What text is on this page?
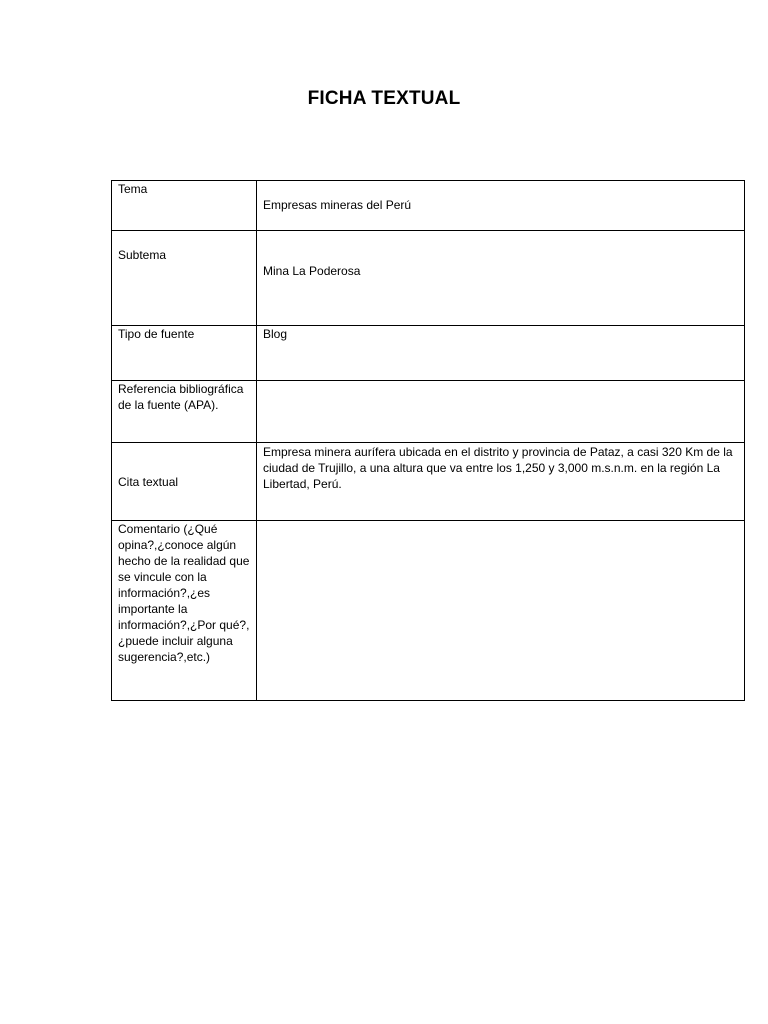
FICHA TEXTUAL
Tema	Empresas mineras del Perú
Subtema	Mina La Poderosa
Tipo de fuente	Blog
Referencia bibliográfica de la fuente (APA).	
Cita textual	Empresa minera aurífera ubicada en el distrito y provincia de Pataz, a casi 320 Km de la ciudad de Trujillo, a una altura que va entre los 1,250 y 3,000 m.s.n.m. en la región La Libertad, Perú.
Comentario (¿Qué opina?,¿conoce algún hecho de la realidad que se vincule con la información?,¿es importante la información?,¿Por qué?,¿puede incluir alguna sugerencia?,etc.)	
